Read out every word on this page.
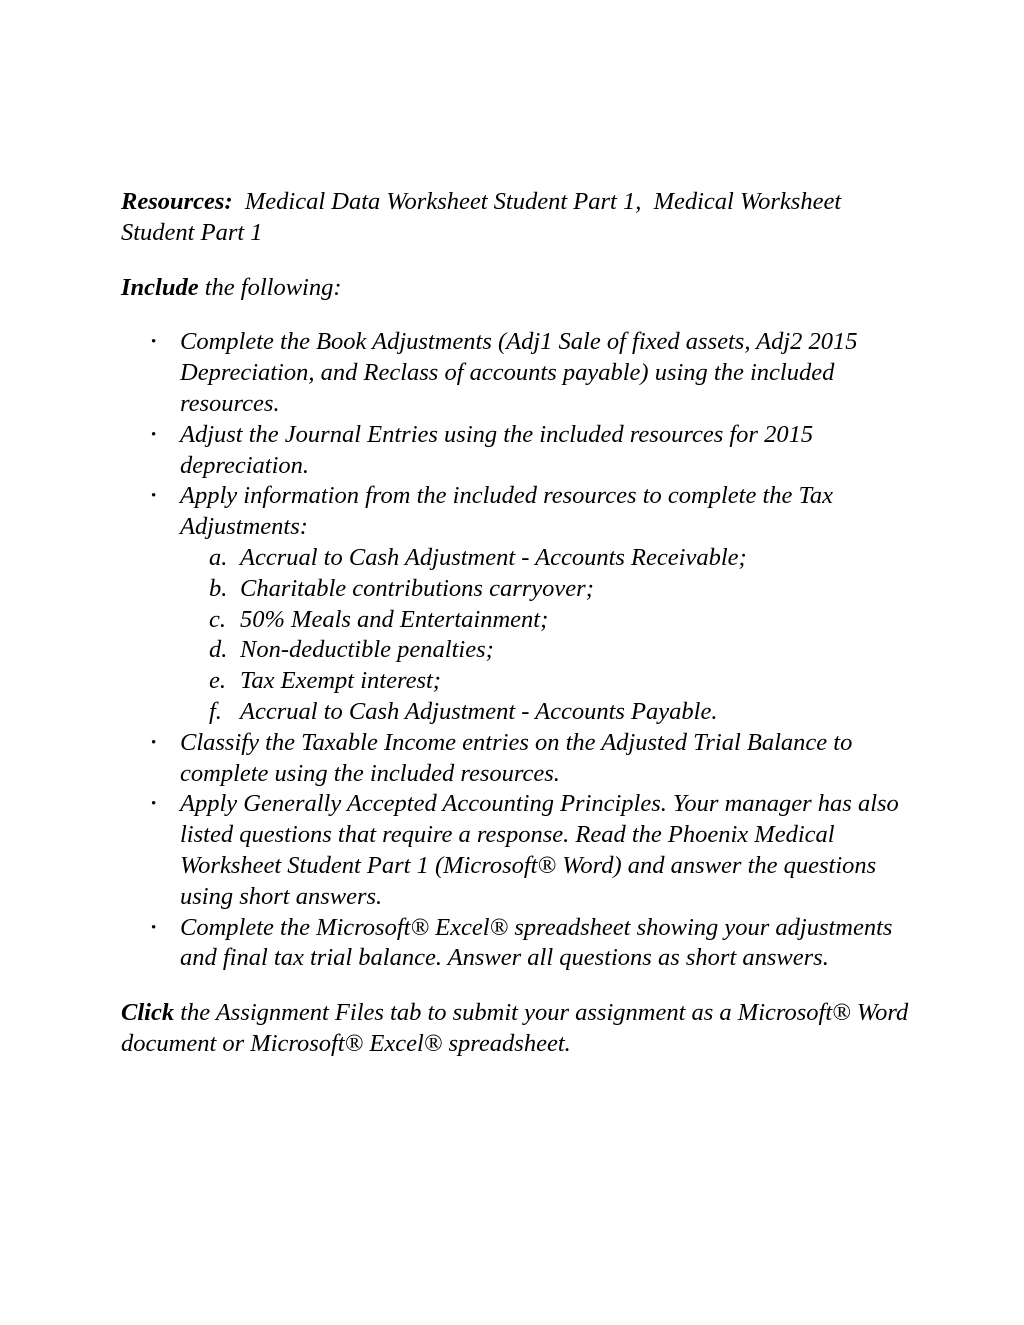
Resources:  Medical Data Worksheet Student Part 1,  Medical Worksheet Student Part 1

Include the following:

• Complete the Book Adjustments (Adj1 Sale of fixed assets, Adj2 2015 Depreciation, and Reclass of accounts payable) using the included resources.
• Adjust the Journal Entries using the included resources for 2015 depreciation.
• Apply information from the included resources to complete the Tax Adjustments:
a. Accrual to Cash Adjustment - Accounts Receivable;
b. Charitable contributions carryover;
c. 50% Meals and Entertainment;
d. Non-deductible penalties;
e. Tax Exempt interest;
f. Accrual to Cash Adjustment - Accounts Payable.
• Classify the Taxable Income entries on the Adjusted Trial Balance to complete using the included resources.
• Apply Generally Accepted Accounting Principles. Your manager has also listed questions that require a response. Read the Phoenix Medical Worksheet Student Part 1 (Microsoft® Word) and answer the questions using short answers.
• Complete the Microsoft® Excel® spreadsheet showing your adjustments and final tax trial balance. Answer all questions as short answers.

Click the Assignment Files tab to submit your assignment as a Microsoft® Word document or Microsoft® Excel® spreadsheet.
